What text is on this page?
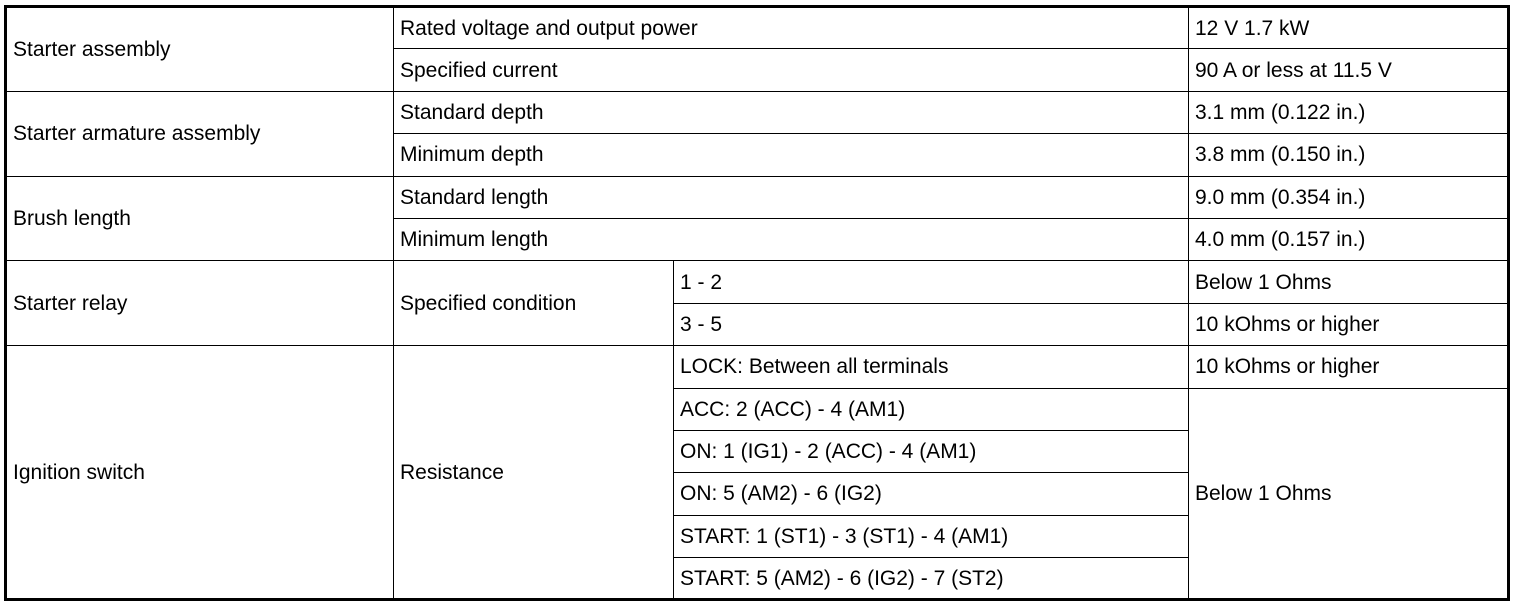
Starter assembly	Rated voltage and output power		12 V 1.7 kW
	Specified current		90 A or less at 11.5 V
Starter armature assembly	Standard depth		3.1 mm (0.122 in.)
	Minimum depth		3.8 mm (0.150 in.)
Brush length	Standard length		9.0 mm (0.354 in.)
	Minimum length		4.0 mm (0.157 in.)
Starter relay	Specified condition	1 - 2	Below 1 Ohms
		3 - 5	10 kOhms or higher
Ignition switch	Resistance	LOCK: Between all terminals	10 kOhms or higher
		ACC: 2 (ACC) - 4 (AM1)	Below 1 Ohms
		ON: 1 (IG1) - 2 (ACC) - 4 (AM1)	
		ON: 5 (AM2) - 6 (IG2)	
		START: 1 (ST1) - 3 (ST1) - 4 (AM1)	
		START: 5 (AM2) - 6 (IG2) - 7 (ST2)	
